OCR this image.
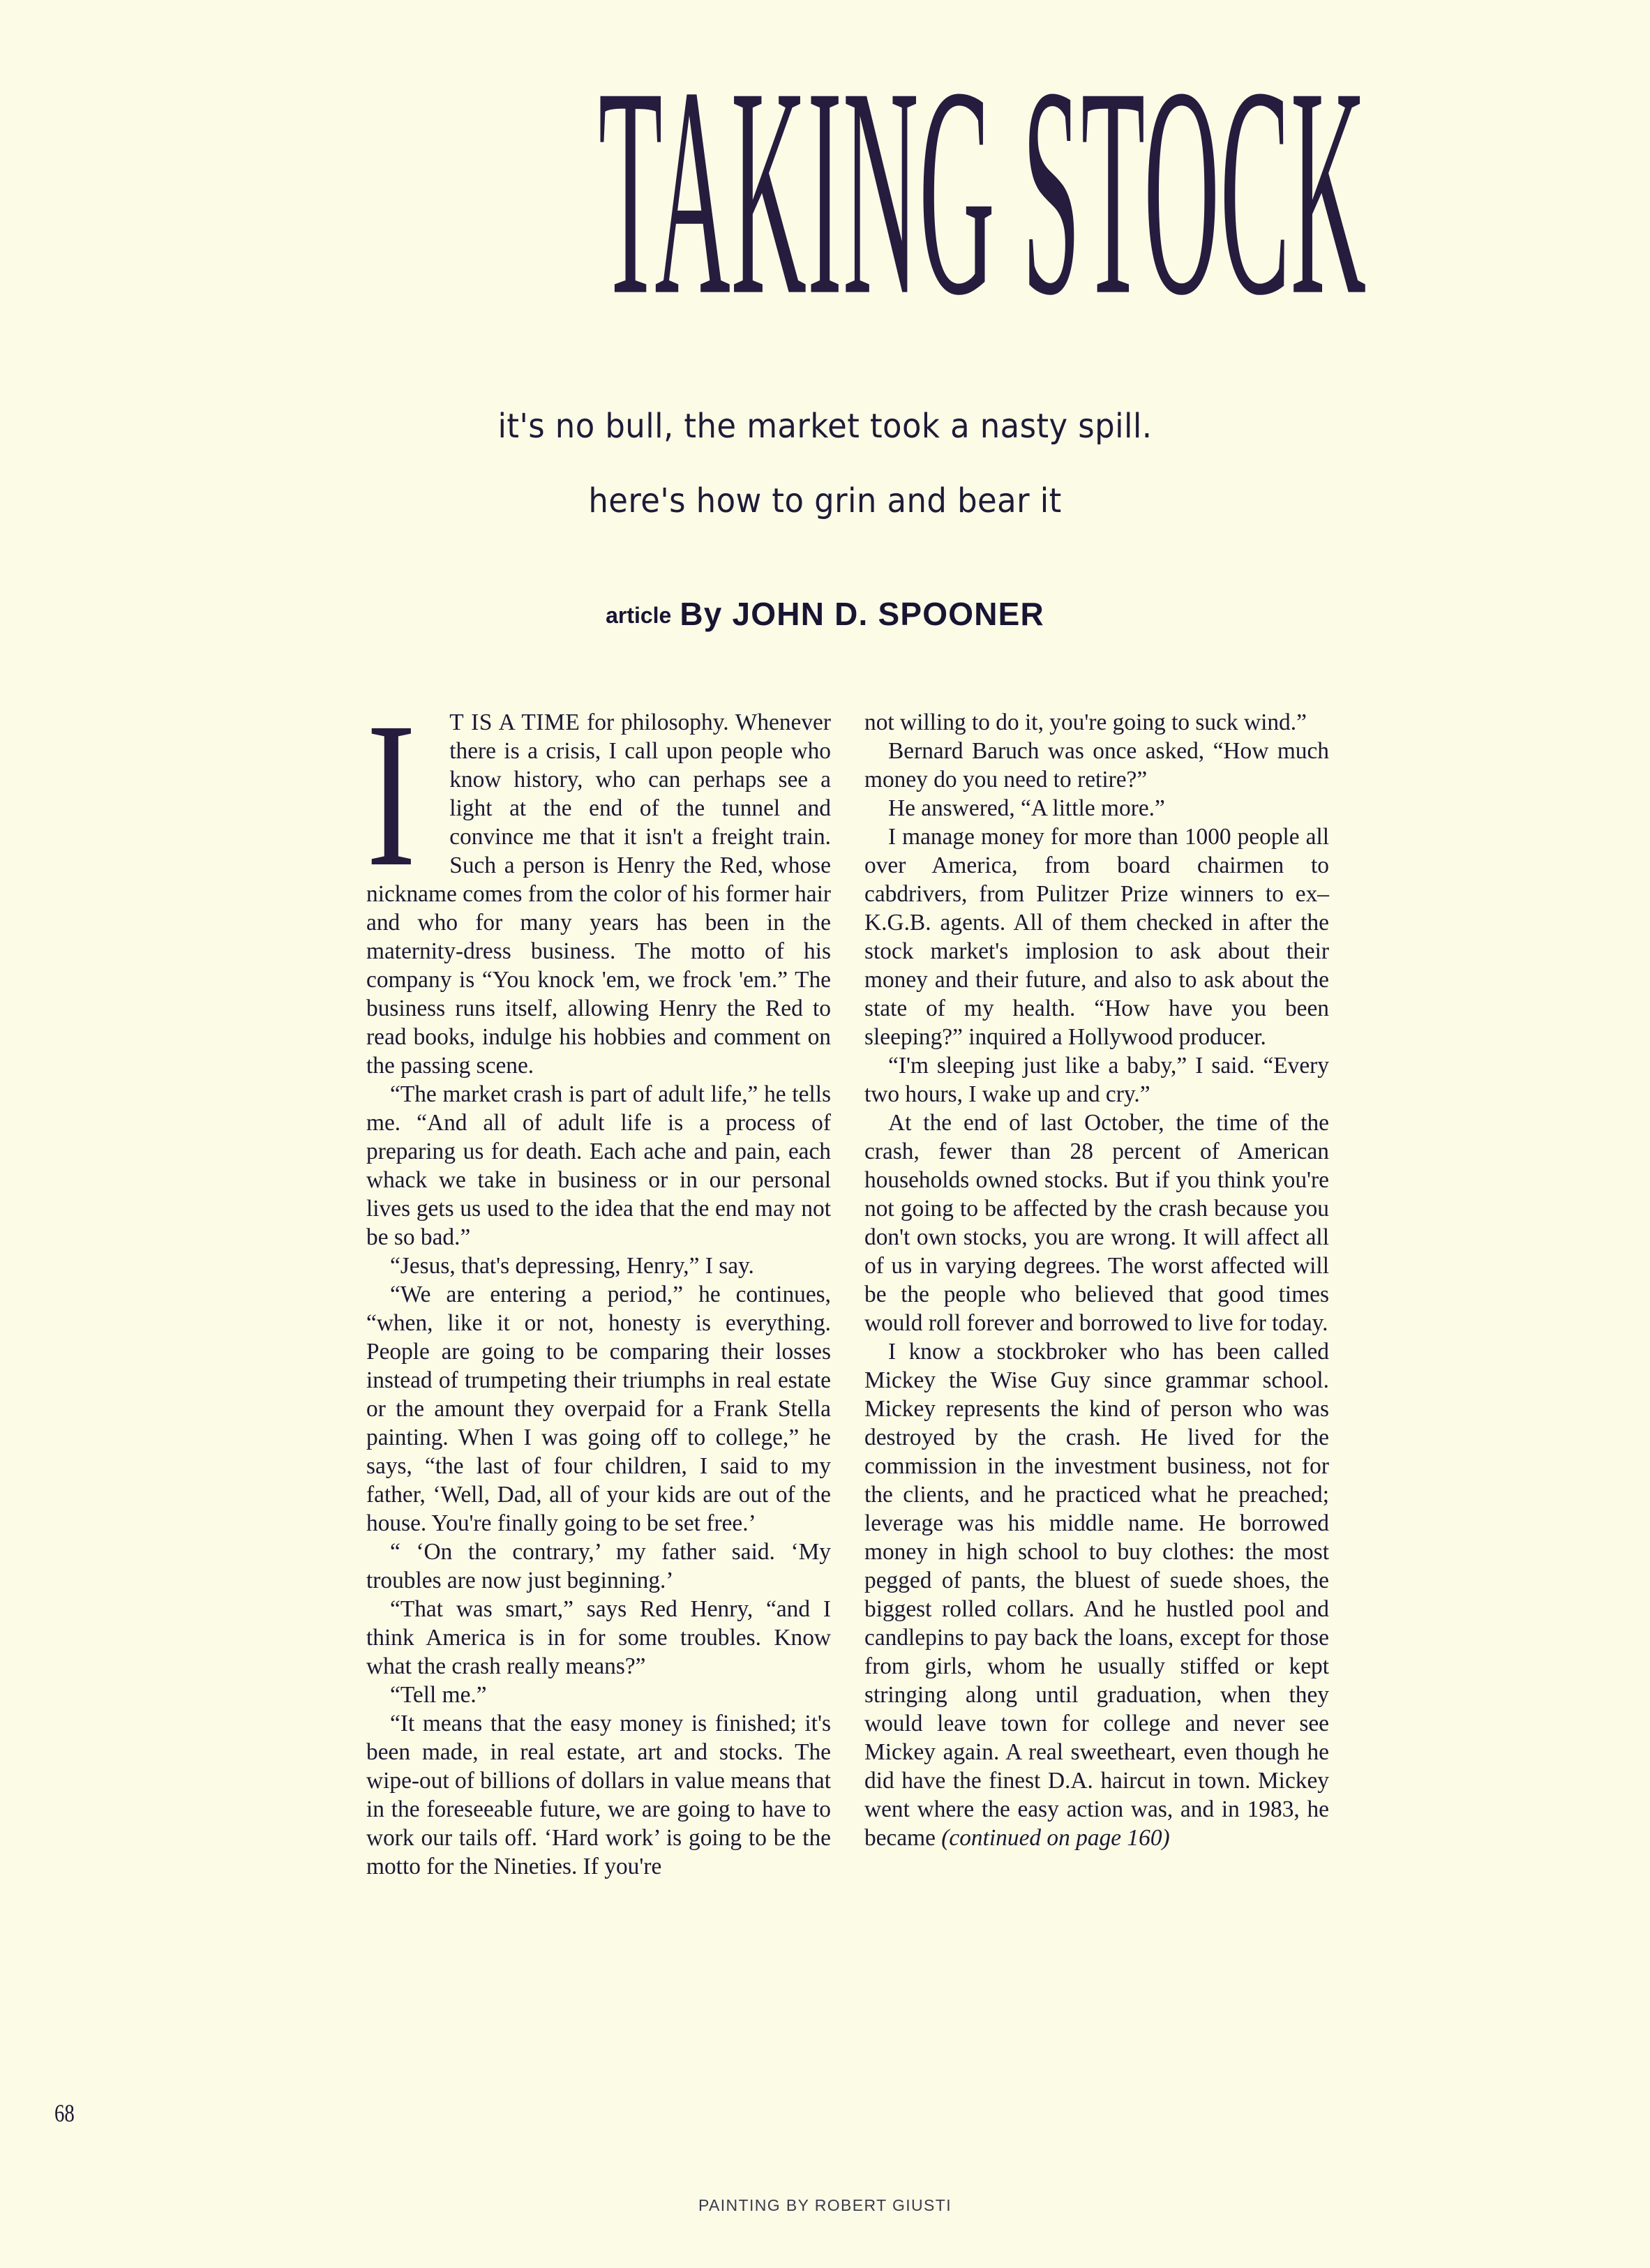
TAKING STOCK
it's no bull, the market took a nasty spill.
here's how to grin and bear it
article By JOHN D. SPOONER

I T IS A TIME for philosophy. Whenever there is a crisis, I call upon people who know history, who can perhaps see a light at the end of the tunnel and convince me that it isn't a freight train. Such a person is Henry the Red, whose nickname comes from the color of his former hair and who for many years has been in the maternity-dress business. The motto of his company is “You knock 'em, we frock 'em.” The business runs itself, allowing Henry the Red to read books, indulge his hobbies and comment on the passing scene.

“The market crash is part of adult life,” he tells me. “And all of adult life is a process of preparing us for death. Each ache and pain, each whack we take in business or in our personal lives gets us used to the idea that the end may not be so bad.”

“Jesus, that's depressing, Henry,” I say.

“We are entering a period,” he continues, “when, like it or not, honesty is everything. People are going to be comparing their losses instead of trumpeting their triumphs in real estate or the amount they overpaid for a Frank Stella painting. When I was going off to college,” he says, “the last of four children, I said to my father, ‘Well, Dad, all of your kids are out of the house. You're finally going to be set free.’

“ ‘On the contrary,’ my father said. ‘My troubles are now just beginning.’

“That was smart,” says Red Henry, “and I think America is in for some troubles. Know what the crash really means?”

“Tell me.”

“It means that the easy money is finished; it's been made, in real estate, art and stocks. The wipe-out of billions of dollars in value means that in the foreseeable future, we are going to have to work our tails off. ‘Hard work’ is going to be the motto for the Nineties. If you're

not willing to do it, you're going to suck wind.”

Bernard Baruch was once asked, “How much money do you need to retire?”

He answered, “A little more.”

I manage money for more than 1000 people all over America, from board chairmen to cabdrivers, from Pulitzer Prize winners to ex–K.G.B. agents. All of them checked in after the stock market's implosion to ask about their money and their future, and also to ask about the state of my health. “How have you been sleeping?” inquired a Hollywood producer.

“I'm sleeping just like a baby,” I said. “Every two hours, I wake up and cry.”

At the end of last October, the time of the crash, fewer than 28 percent of American households owned stocks. But if you think you're not going to be affected by the crash because you don't own stocks, you are wrong. It will affect all of us in varying degrees. The worst affected will be the people who believed that good times would roll forever and borrowed to live for today.

I know a stockbroker who has been called Mickey the Wise Guy since grammar school. Mickey represents the kind of person who was destroyed by the crash. He lived for the commission in the investment business, not for the clients, and he practiced what he preached; leverage was his middle name. He borrowed money in high school to buy clothes: the most pegged of pants, the bluest of suede shoes, the biggest rolled collars. And he hustled pool and candlepins to pay back the loans, except for those from girls, whom he usually stiffed or kept stringing along until graduation, when they would leave town for college and never see Mickey again. A real sweetheart, even though he did have the finest D.A. haircut in town. Mickey went where the easy action was, and in 1983, he became (continued on page 160)

68
PAINTING BY ROBERT GIUSTI
